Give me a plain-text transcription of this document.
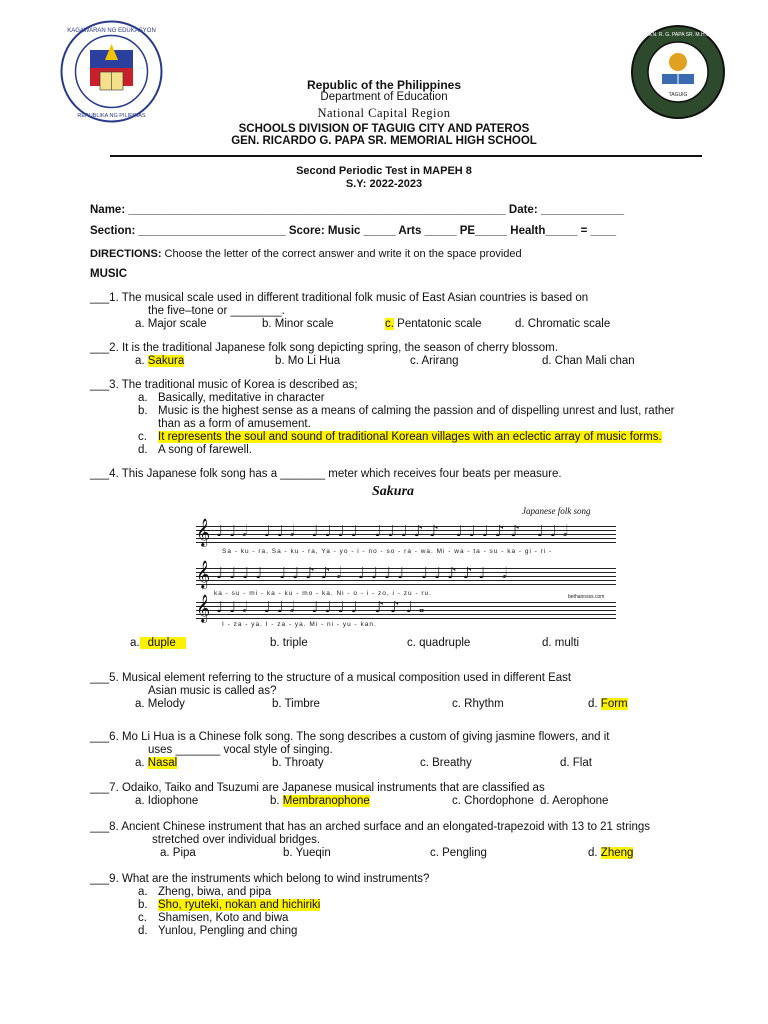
KAGAWARAN NG EDUKASYON
REPUBLIKA NG PILIPINAS
TAGUIG
GEN. R. G. PAPA SR. M.H.S.
Republic of the Philippines
Department of Education
National Capital Region
SCHOOLS DIVISION OF TAGUIG CITY AND PATEROS
GEN. RICARDO G. PAPA SR. MEMORIAL HIGH SCHOOL
Second Periodic Test in MAPEH 8
S.Y: 2022-2023
Name: ___________________________________________________________ Date: _____________
Section: _______________________ Score: Music _____ Arts _____ PE_____ Health_____ = ____
DIRECTIONS: Choose the letter of the correct answer and write it on the space provided
MUSIC
___1. The musical scale used in different traditional folk music of East Asian countries is based on
the five–tone or ________.
a. Major scale	b. Minor scale	c. Pentatonic scale	d. Chromatic scale
___2. It is the traditional Japanese folk song depicting spring, the season of cherry blossom.
a. Sakura	b. Mo Li Hua	c. Arirang	d. Chan Mali chan
___3. The traditional music of Korea is described as;
a. Basically, meditative in character
b. Music is the highest sense as a means of calming the passion and of dispelling unrest and lust, rather
than as a form of amusement.
c. It represents the soul and sound of traditional Korean villages with an eclectic array of music forms.
d. A song of farewell.
___4. This Japanese folk song has a _______ meter which receives four beats per measure.
Sakura
Japanese folk song
𝄞 ♩♩𝅗𝅥 ♩♩𝅗𝅥 ♩♩♩♩ ♩♩♩♪♪ ♩♩♩♪♪ ♩♩𝅗𝅥
Sa - ku - ra, Sa - ku - ra, Ya - yo - i - no - so - ra - wa. Mi - wa - ta - su - ka - gi - ri -
𝄞 ♩♩♩♩ ♩♩♪♪𝅗𝅥 ♩♩♩♩ ♩♩♪♪♩ 𝅗𝅥
ka - su - mi - ka - ku - mo - ka. Ni - o - i - zo, i - zu - ru.
𝄞 ♩♩𝅗𝅥 ♩♩𝅗𝅥 ♩♩♩♩ ♪♪♩𝅝
I - za - ya. I - za - ya. Mi - ni - yu - kan.
bethanosss.com
a. duple	b. triple	c. quadruple	d. multi
___5. Musical element referring to the structure of a musical composition used in different East
Asian music is called as?
a. Melody	b. Timbre	c. Rhythm	d. Form
___6. Mo Li Hua is a Chinese folk song. The song describes a custom of giving jasmine flowers, and it
uses _______ vocal style of singing.
a. Nasal	b. Throaty	c. Breathy	d. Flat
___7. Odaiko, Taiko and Tsuzumi are Japanese musical instruments that are classified as
a. Idiophone	b. Membranophone	c. Chordophone d. Aerophone
___8. Ancient Chinese instrument that has an arched surface and an elongated-trapezoid with 13 to 21 strings
stretched over individual bridges.
a. Pipa	b. Yueqin	c. Pengling	d. Zheng
___9. What are the instruments which belong to wind instruments?
a. Zheng, biwa, and pipa
b. Sho, ryuteki, nokan and hichiriki
c. Shamisen, Koto and biwa
d. Yunlou, Pengling and ching
